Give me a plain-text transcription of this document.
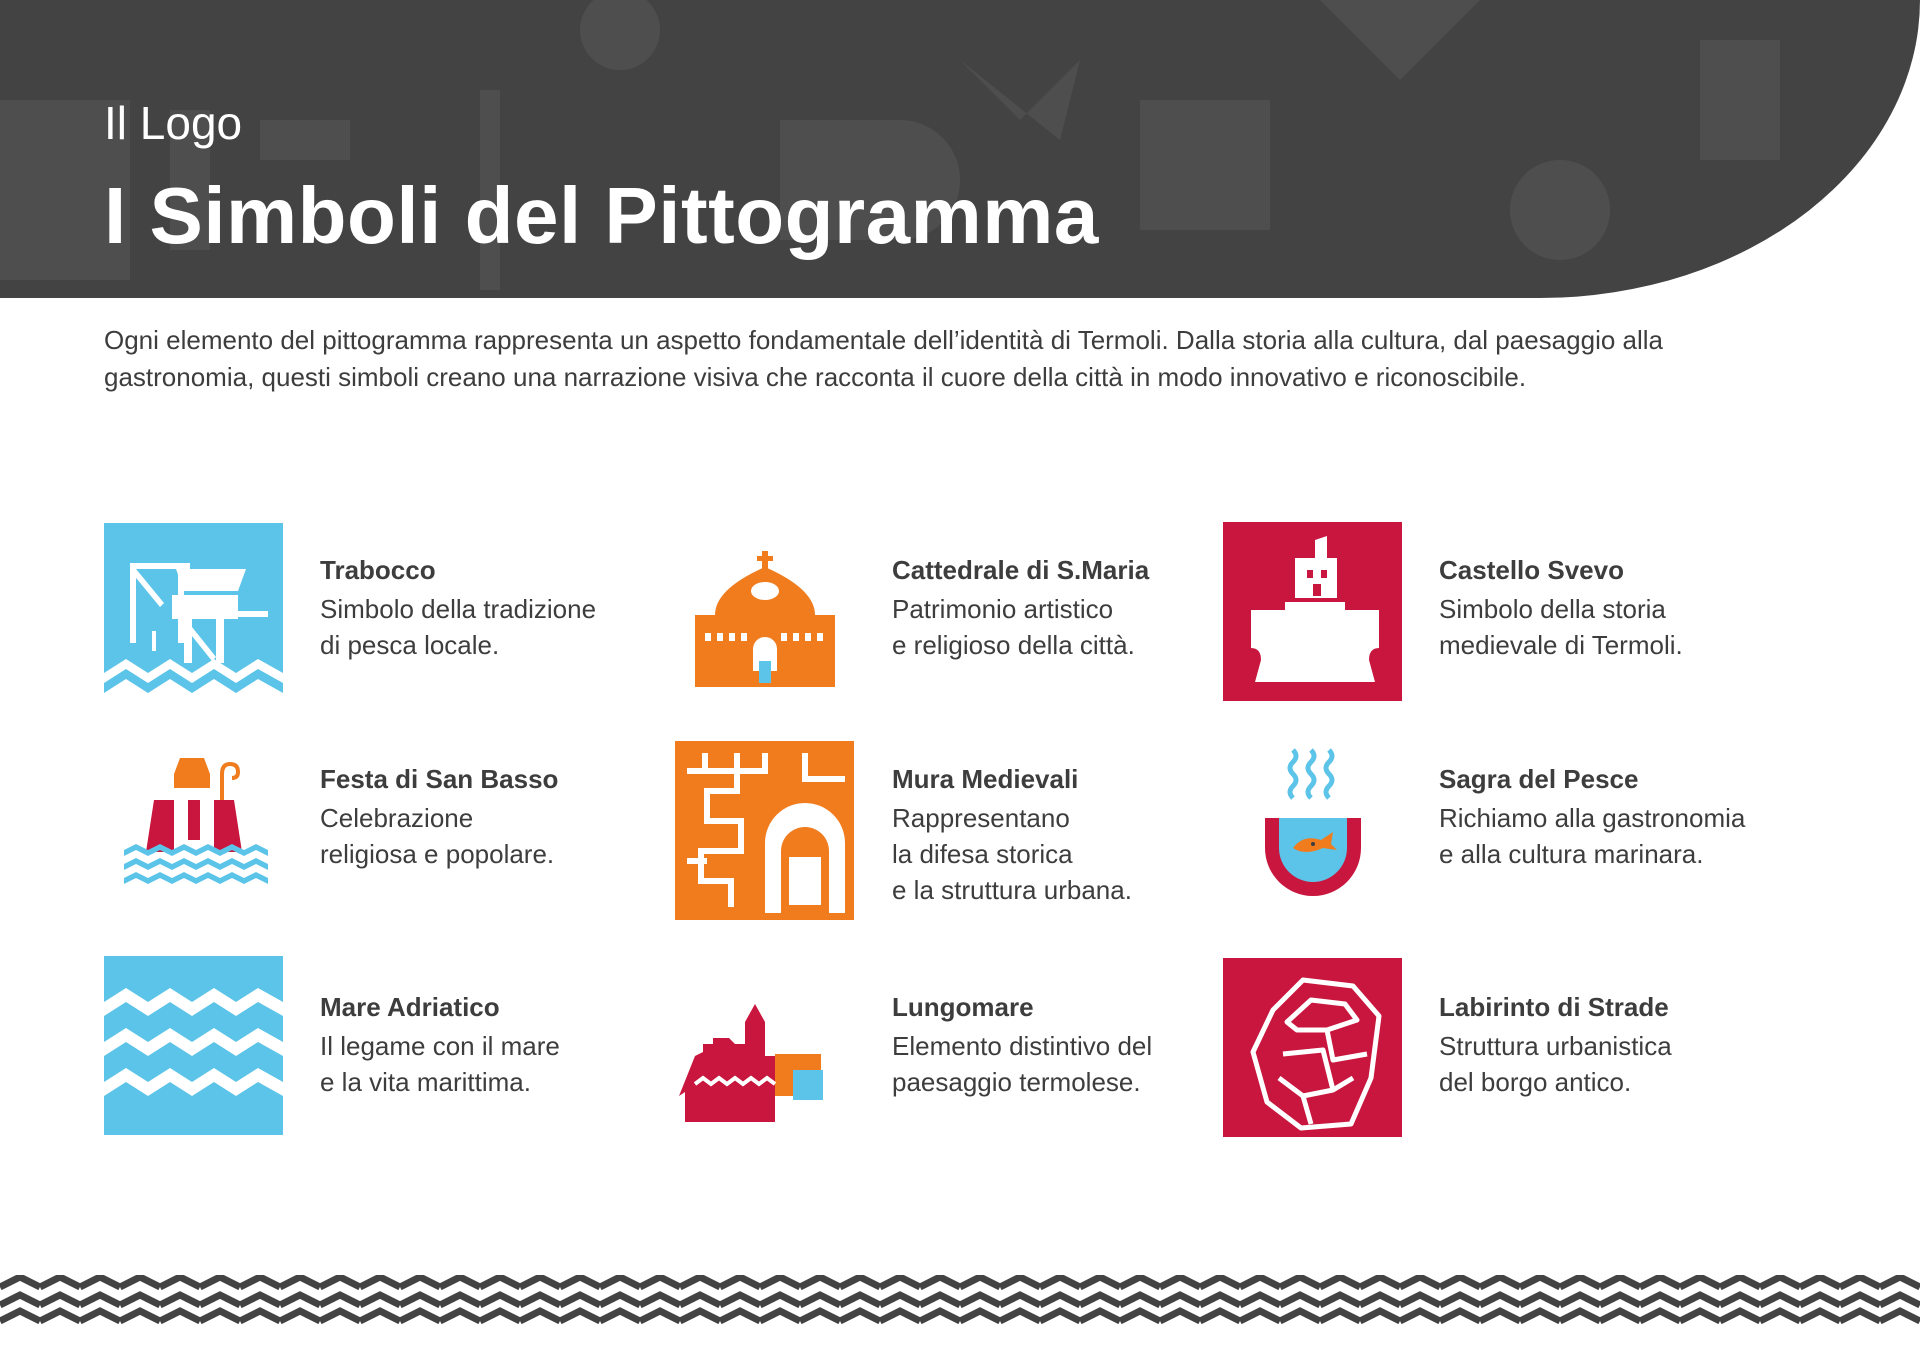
Il Logo
I Simboli del Pittogramma
Ogni elemento del pittogramma rappresenta un aspetto fondamentale dell’identità di Termoli. Dalla storia alla cultura, dal paesaggio alla gastronomia, questi simboli creano una narrazione visiva che racconta il cuore della città in modo innovativo e riconoscibile.
Trabocco

Simbolo della tradizione
di pesca locale.

Cattedrale di S.Maria

Patrimonio artistico
e religioso della città.

Castello Svevo

Simbolo della storia
medievale di Termoli.

Festa di San Basso

Celebrazione
religiosa e popolare.

Mura Medievali

Rappresentano
la difesa storica
e la struttura urbana.

Sagra del Pesce

Richiamo alla gastronomia
e alla cultura marinara.

Mare Adriatico

Il legame con il mare
e la vita marittima.

Lungomare

Elemento distintivo del
paesaggio termolese.

Labirinto di Strade

Struttura urbanistica
del borgo antico.
